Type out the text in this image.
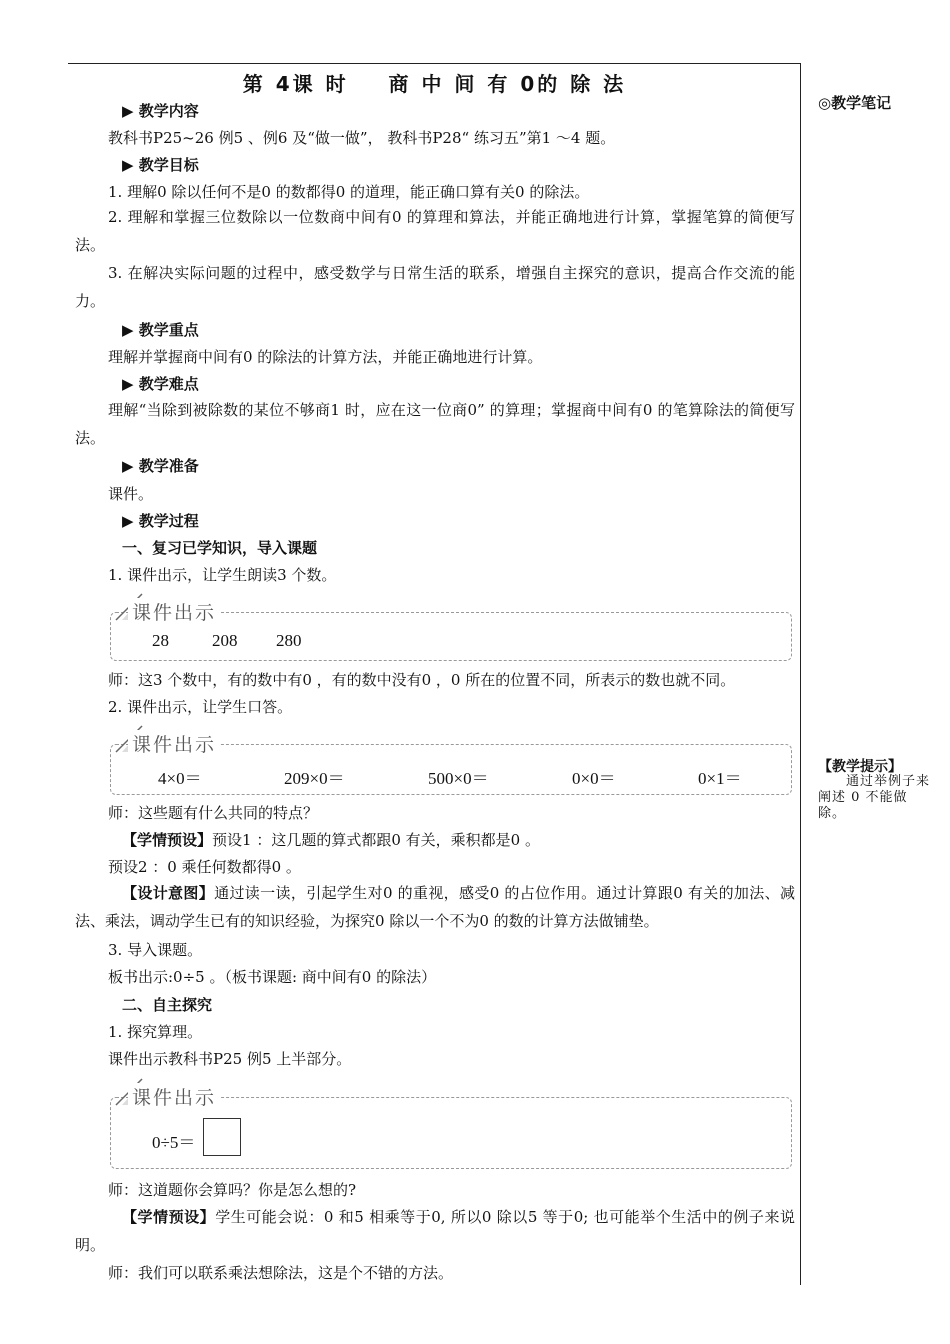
第 4课 时    商 中 间 有 0的 除 法
◎教学笔记
▶ 教学内容
教科书P25~26 例5 、例6 及“做一做”， 教科书P28“ 练习五”第1 ～4 题。
▶ 教学目标
1. 理解0 除以任何不是0 的数都得0 的道理，能正确口算有关0 的除法。
2. 理解和掌握三位数除以一位数商中间有0 的算理和算法，并能正确地进行计算，掌握笔算的简便写法。
3. 在解决实际问题的过程中，感受数学与日常生活的联系，增强自主探究的意识，提高合作交流的能力。
▶ 教学重点
理解并掌握商中间有0 的除法的计算方法，并能正确地进行计算。
▶ 教学难点
理解“当除到被除数的某位不够商1 时，应在这一位商0” 的算理；掌握商中间有0 的笔算除法的简便写法。
▶ 教学准备
课件。
▶ 教学过程
一、复习已学知识，导入课题
1. 课件出示，让学生朗读3 个数。
课件出示
28	208 280
师：这3 个数中，有的数中有0 ，有的数中没有0 ，0 所在的位置不同，所表示的数也就不同。
2. 课件出示，让学生口答。
课件出示
4×0＝	209×0＝	500×0＝	0×0＝	0×1＝
师：这些题有什么共同的特点？
【学情预设】预设1 ：这几题的算式都跟0 有关，乘积都是0 。
预设2 ：0 乘任何数都得0 。
【设计意图】通过读一读，引起学生对0 的重视，感受0 的占位作用。通过计算跟0 有关的加法、减法、乘法，调动学生已有的知识经验，为探究0 除以一个不为0 的数的计算方法做铺垫。
3. 导入课题。
板书出示:0÷5 。（板书课题: 商中间有0 的除法）
二、自主探究
1. 探究算理。
课件出示教科书P25 例5 上半部分。
课件出示
0÷5＝
师：这道题你会算吗？你是怎么想的?
【学情预设】学生可能会说：0 和5 相乘等于0, 所以0 除以5 等于0; 也可能举个生活中的例子来说明。
师：我们可以联系乘法想除法，这是个不错的方法。
【教学提示】
通过举例子来阐述 0 不能做除。
